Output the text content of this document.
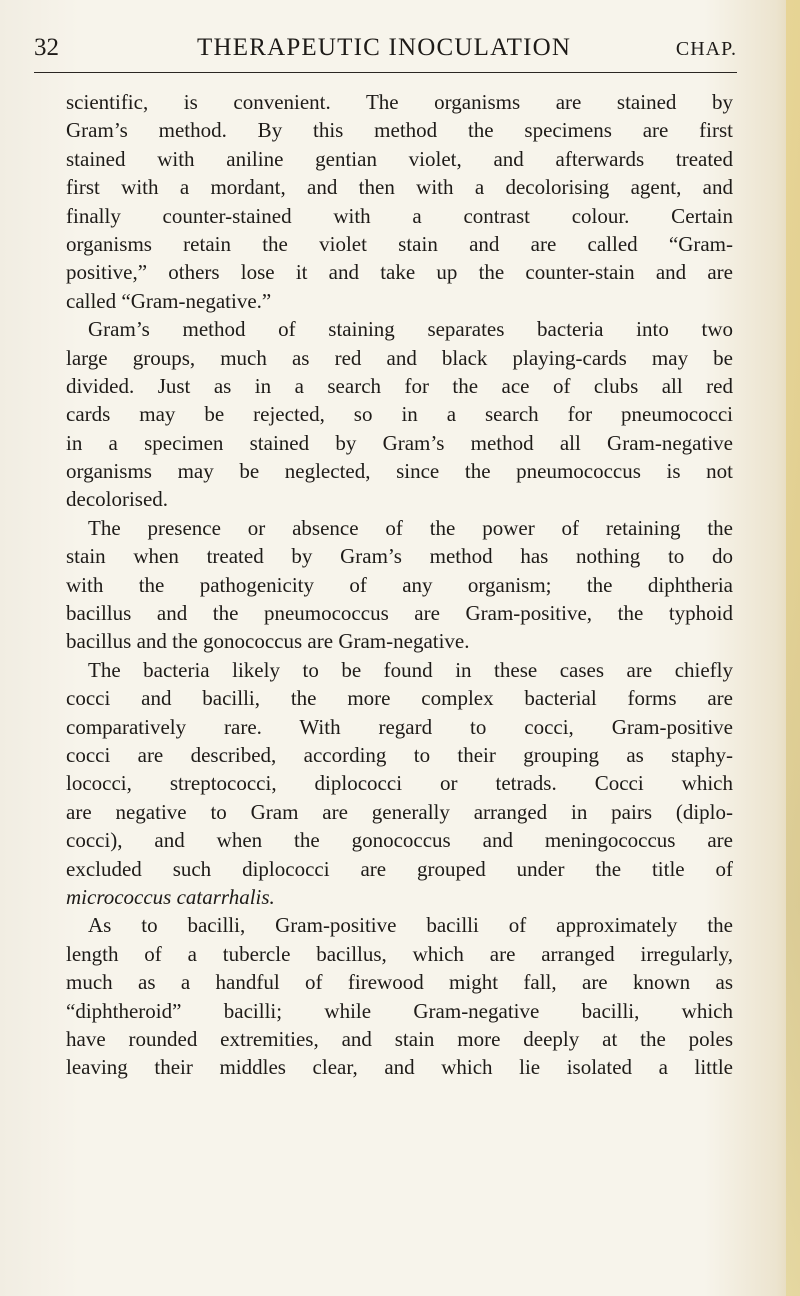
32	THERAPEUTIC INOCULATION	CHAP.
scientific, is convenient. The organisms are stained by
Gram’s method. By this method the specimens are first
stained with aniline gentian violet, and afterwards treated
first with a mordant, and then with a decolorising agent, and
finally counter-stained with a contrast colour. Certain
organisms retain the violet stain and are called “Gram-
positive,” others lose it and take up the counter-stain and are
called “Gram-negative.”
Gram’s method of staining separates bacteria into two
large groups, much as red and black playing-cards may be
divided. Just as in a search for the ace of clubs all red
cards may be rejected, so in a search for pneumococci
in a specimen stained by Gram’s method all Gram-negative
organisms may be neglected, since the pneumococcus is not
decolorised.
The presence or absence of the power of retaining the
stain when treated by Gram’s method has nothing to do
with the pathogenicity of any organism; the diphtheria
bacillus and the pneumococcus are Gram-positive, the typhoid
bacillus and the gonococcus are Gram-negative.
The bacteria likely to be found in these cases are chiefly
cocci and bacilli, the more complex bacterial forms are
comparatively rare. With regard to cocci, Gram-positive
cocci are described, according to their grouping as staphy-
lococci, streptococci, diplococci or tetrads. Cocci which
are negative to Gram are generally arranged in pairs (diplo-
cocci), and when the gonococcus and meningococcus are
excluded such diplococci are grouped under the title of
micrococcus catarrhalis.
As to bacilli, Gram-positive bacilli of approximately the
length of a tubercle bacillus, which are arranged irregularly,
much as a handful of firewood might fall, are known as
“diphtheroid” bacilli; while Gram-negative bacilli, which
have rounded extremities, and stain more deeply at the poles
leaving their middles clear, and which lie isolated a little
